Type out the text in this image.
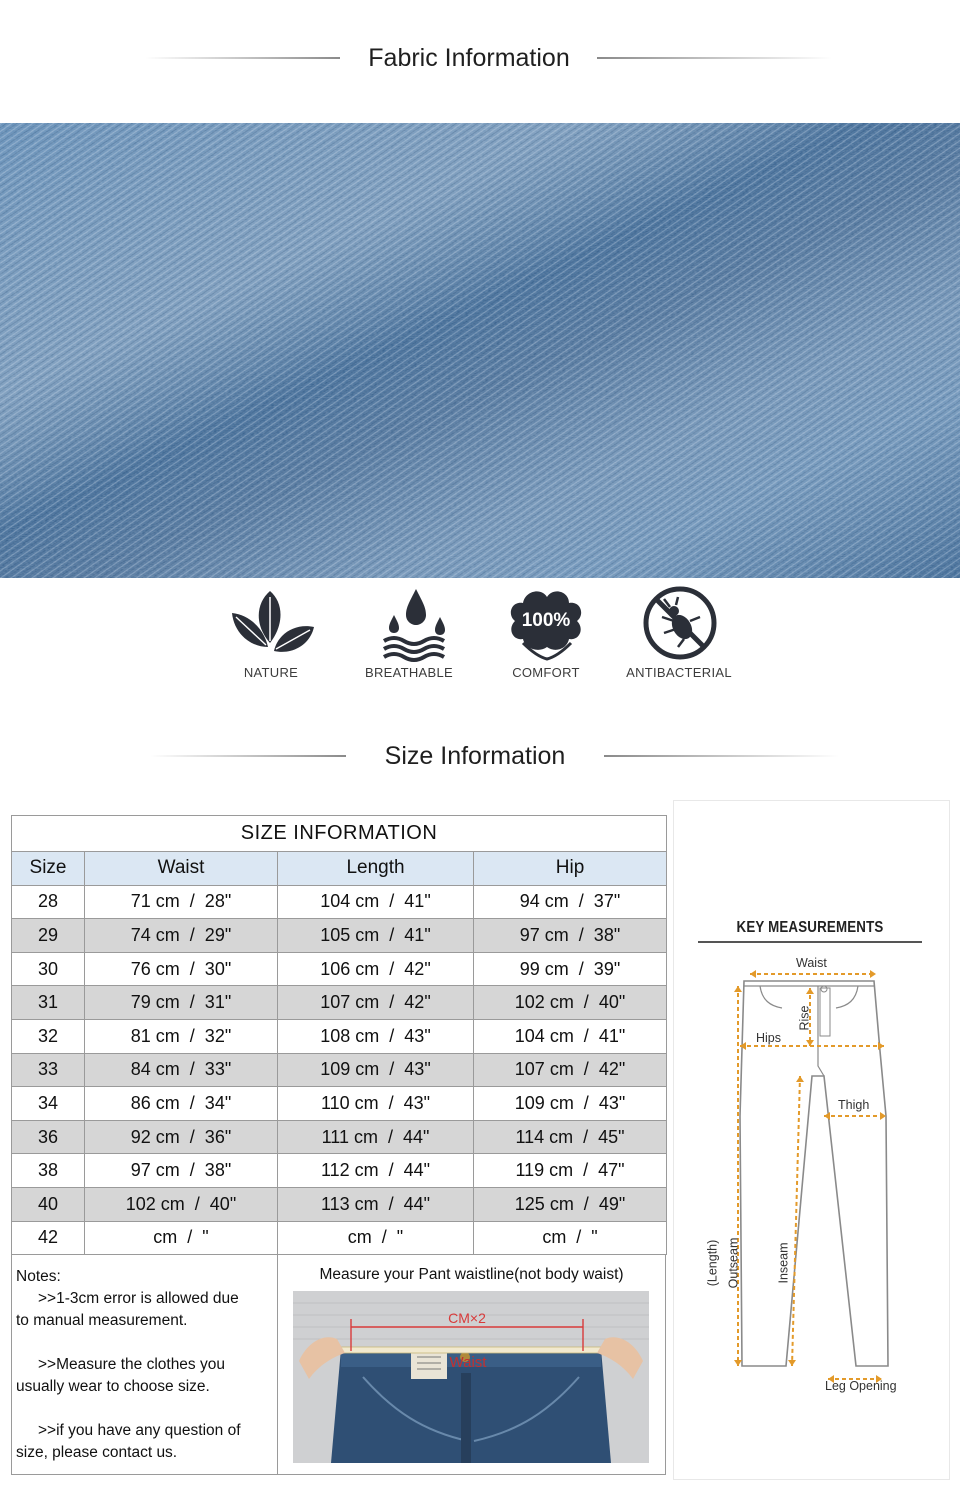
Fabric Information
NATURE	BREATHABLE
100%
COMFORT	ANTIBACTERIAL
Size Information
SIZE INFORMATION			
Size	Waist	Length	Hip
28	71 cm  /  28"	104 cm  /  41"	94 cm  /  37"
29	74 cm  /  29"	105 cm  /  41"	97 cm  /  38"
30	76 cm  /  30"	106 cm  /  42"	99 cm  /  39"
31	79 cm  /  31"	107 cm  /  42"	102 cm  /  40"
32	81 cm  /  32"	108 cm  /  43"	104 cm  /  41"
33	84 cm  /  33"	109 cm  /  43"	107 cm  /  42"
34	86 cm  /  34"	110 cm  /  43"	109 cm  /  43"
36	92 cm  /  36"	111 cm  /  44"	114 cm  /  45"
38	97 cm  /  38"	112 cm  /  44"	119 cm  /  47"
40	102 cm  /  40"	113 cm  /  44"	125 cm  /  49"
42	cm  /  "	cm  /  "	cm  /  "

Notes:

>>1-3cm error is allowed due

to manual measurement.

>>Measure the clothes you

usually wear to choose size.

>>if you have any question of

size, please contact us.

Measure your Pant waistline(not body waist)
CM×2
Waist
KEY MEASUREMENTS
Waist
Hips
Rise
Thigh
Outseam
(Length)	Inseam
Leg Opening
